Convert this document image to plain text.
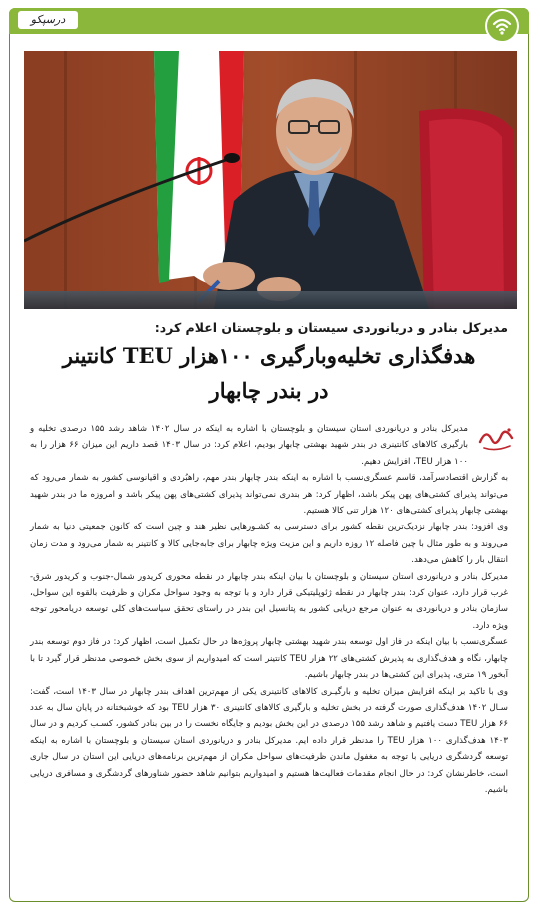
درسپکو
مدیرکل بنادر و دریانوردی سیستان و بلوچستان اعلام کرد:
هدفگذاری تخلیه‌وبارگیری ۱۰۰هزار TEU کانتینر
در بندر چابهار

مدیرکل بنادر و دریانوردی استان سیستان و بلوچستان با اشاره به اینکه در سال ۱۴۰۲ شاهد رشد ۱۵۵ درصدی تخلیه و بارگیری کالاهای کانتینری در بندر شهید بهشتی چابهار بودیم، اعلام کرد: در سال ۱۴۰۳ قصد داریم این میزان ۶۶ هزار را به ۱۰۰ هزار TEU، افزایش دهیم.

به گزارش اقتصادسرآمد، قاسم عسگری‌نسب با اشاره به اینکه بندر چابهار بندر مهم، راهبُردی و اقیانوسی کشور به شمار می‌رود که می‌تواند پذیرای کشتی‌های پهن پیکر باشد، اظهار کرد: هر بندری نمی‌تواند پذیرای کشتی‌های پهن پیکر باشد و امروزه ما در بندر شهید بهشتی چابهار پذیرای کشتی‌های ۱۲۰ هزار تنی کالا هستیم.

وی افزود: بندر چابهار نزدیک‌ترین نقطه کشور برای دسترسی به کشـورهایی نظیر هند و چین است که کانون جمعیتی دنیا به شمار می‌روند و به طور مثال با چین فاصله ۱۲ روزه داریم و این مزیت ویژه چابهار برای جابه‌جایی کالا و کانتینر به شمار می‌رود و مدت زمان انتقال بار را کاهش می‌دهد.

مدیرکل بنادر و دریانوردی استان سیستان و بلوچستان با بیان اینکه بندر چابهار در نقطه محوری کریدور شمال-جنوب و کریدور شرق-غرب قرار دارد، عنوان کرد: بندر چابهار در نقطه ژئوپلیتیکی قرار دارد و با توجه به وجود سواحل مکران و ظرفیت بالقوه این سواحل، سازمان بنادر و دریانوردی به عنوان مرجع دریایی کشور به پتانسیل این بندر در راستای تحقق سیاست‌های کلی توسعه دریامحور توجه ویژه دارد.

عسگری‌نسب با بیان اینکه در فاز اول توسعه بندر شهید بهشتی چابهار پروژه‌ها در حال تکمیل است، اظهار کرد: در فاز دوم توسعه بندر چابهار، نگاه و هدف‌گذاری به پذیرش کشتی‌های ۲۲ هزار TEU کانتینر است که امیدواریم از سوی بخش خصوصی مدنظر قرار گیرد تا با آبخور ۱۹ متری، پذیرای این کشتی‌ها در بندر چابهار باشیم.

وی با تاکید بر اینکه افزایش میزان تخلیه و بارگیـری کالاهای کانتینری یکی از مهم‌ترین اهداف بندر چابهار در سال ۱۴۰۳ است، گفت: سـال ۱۴۰۲ هدف‌گذاری صورت گرفته در بخش تخلیه و بارگیری کالاهای کانتینری ۳۰ هزار TEU بود که خوشبختانه در پایان سال به عدد ۶۶ هزار TEU دست یافتیم و شاهد رشد ۱۵۵ درصدی در این بخش بودیم و جایگاه نخست را در بین بنادر کشور، کسـب کردیم و در سال ۱۴۰۳ هدف‌گذاری ۱۰۰ هزار TEU را مدنظر قرار داده ایم. مدیرکل بنادر و دریانوردی استان سیستان و بلوچستان با اشاره به اینکه توسعه گردشگری دریایی با توجه به مغفول ماندن ظرفیت‌های سواحل مکران از مهم‌ترین برنامه‌های دریایی این استان در سال جاری است، خاطرنشان کرد: در حال انجام مقدمات فعالیت‌ها هستیم و امیدواریم بتوانیم شاهد حضور شناورهای گردشگری و مسافری دریایی باشیم.
